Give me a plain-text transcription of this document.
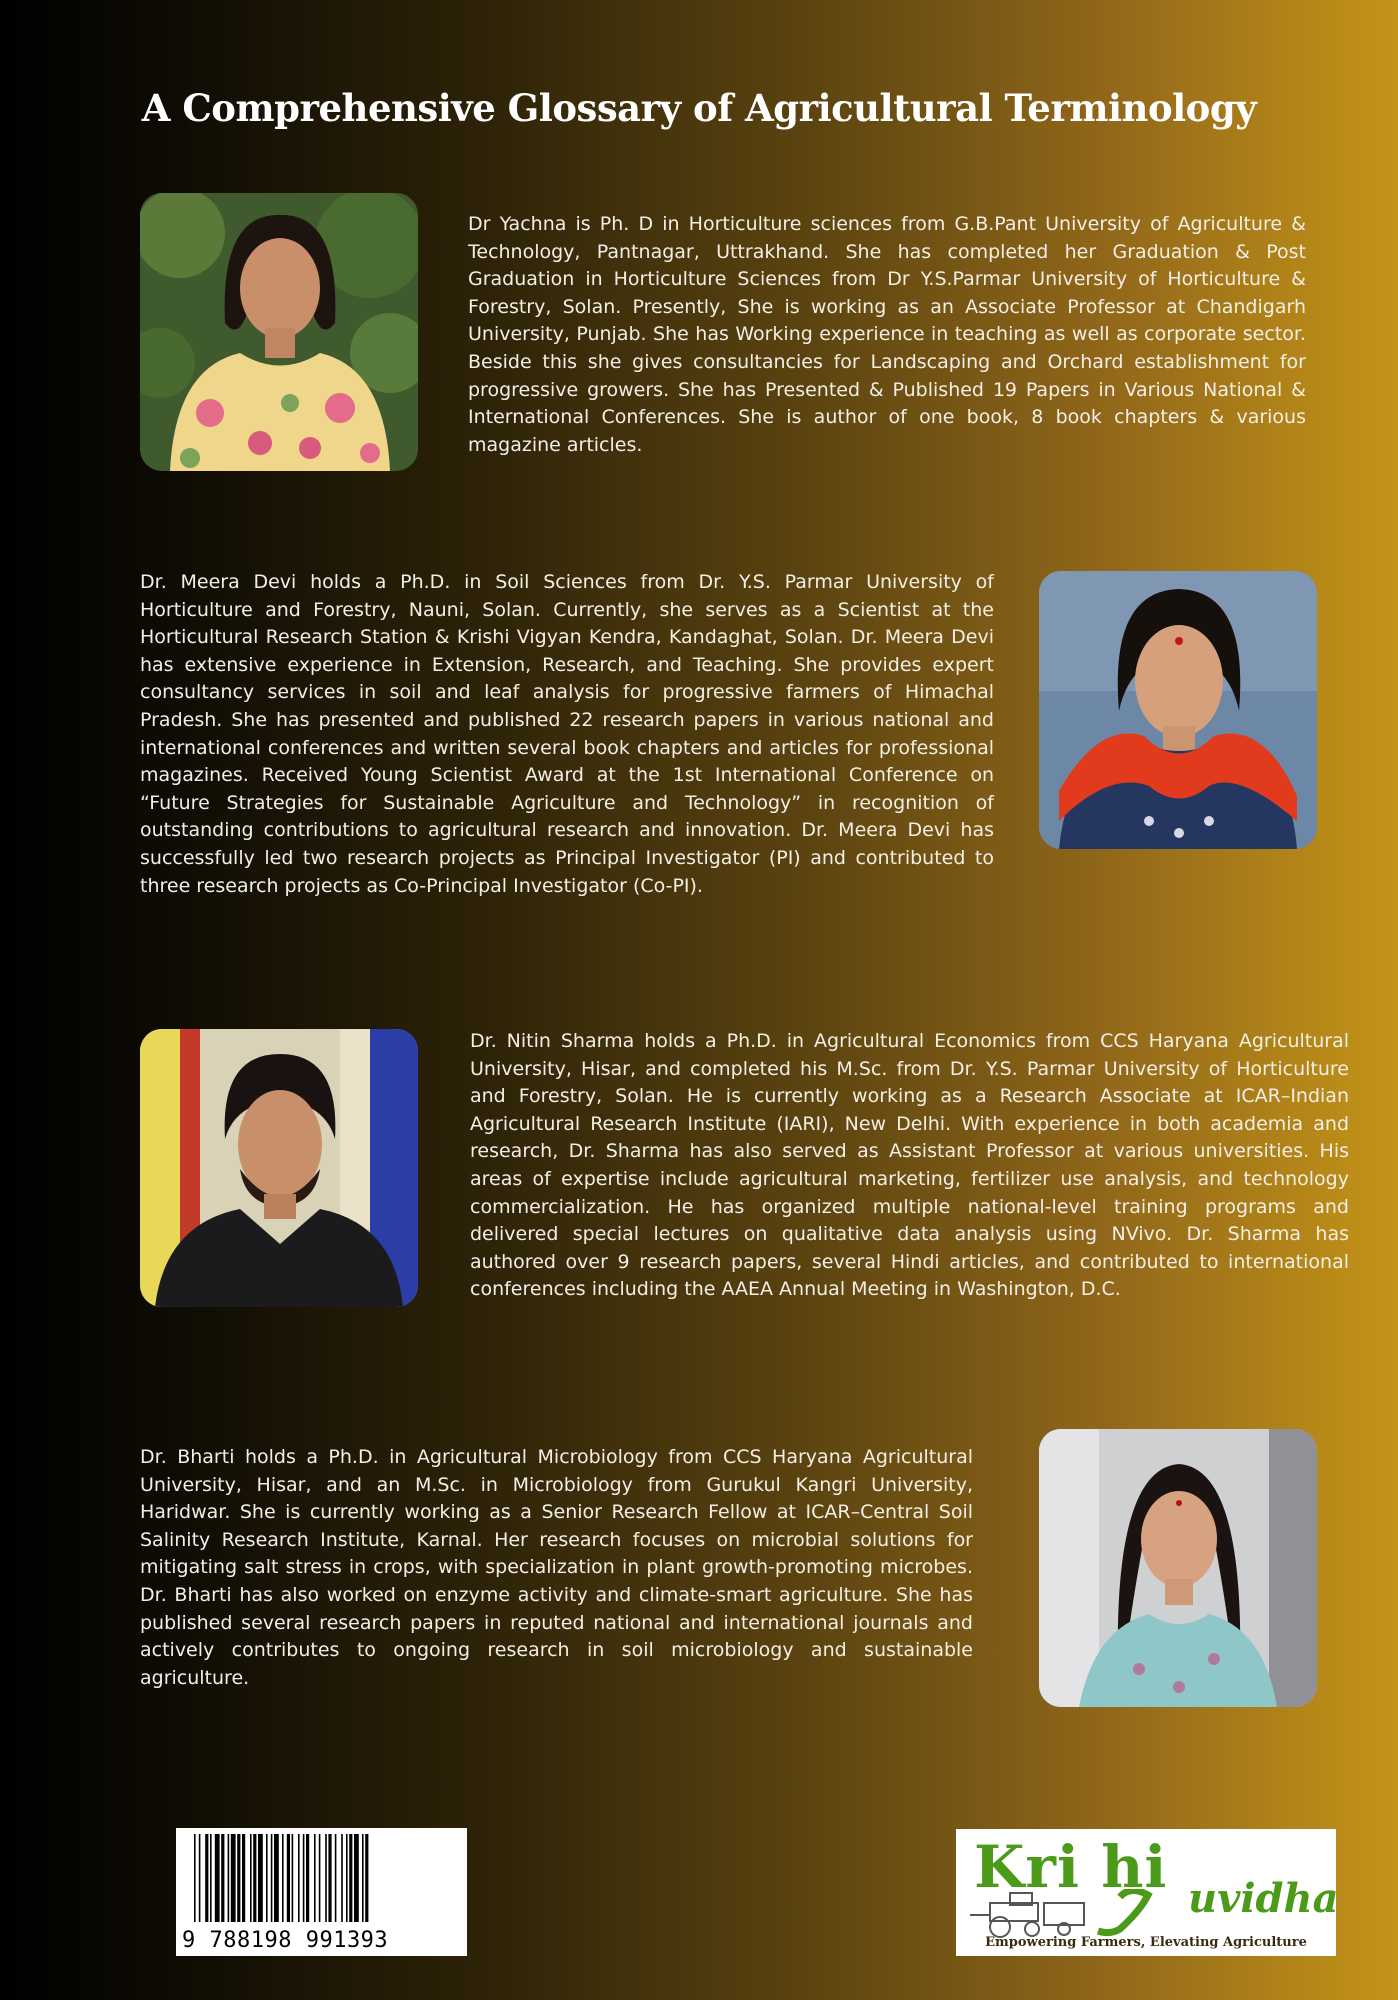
A Comprehensive Glossary of Agricultural Terminology

Dr Yachna is Ph. D in Horticulture sciences from G.B.Pant University of Agriculture & Technology, Pantnagar, Uttrakhand. She has completed her Graduation & Post Graduation in Horticulture Sciences from Dr Y.S.Parmar University of Horticulture & Forestry, Solan. Presently, She is working as an Associate Professor at Chandigarh University, Punjab. She has Working experience in teaching as well as corporate sector. Beside this she gives consultancies for Landscaping and Orchard establishment for progressive growers. She has Presented & Published 19 Papers in Various National & International Conferences. She is author of one book, 8 book chapters & various magazine articles.

Dr. Meera Devi holds a Ph.D. in Soil Sciences from Dr. Y.S. Parmar University of Horticulture and Forestry, Nauni, Solan. Currently, she serves as a Scientist at the Horticultural Research Station & Krishi Vigyan Kendra, Kandaghat, Solan. Dr. Meera Devi has extensive experience in Extension, Research, and Teaching. She provides expert consultancy services in soil and leaf analysis for progressive farmers of Himachal Pradesh. She has presented and published 22 research papers in various national and international conferences and written several book chapters and articles for professional magazines. Received Young Scientist Award at the 1st International Conference on “Future Strategies for Sustainable Agriculture and Technology” in recognition of outstanding contributions to agricultural research and innovation. Dr. Meera Devi has successfully led two research projects as Principal Investigator (PI) and contributed to three research projects as Co-Principal Investigator (Co-PI).

Dr. Nitin Sharma holds a Ph.D. in Agricultural Economics from CCS Haryana Agricultural University, Hisar, and completed his M.Sc. from Dr. Y.S. Parmar University of Horticulture and Forestry, Solan. He is currently working as a Research Associate at ICAR–Indian Agricultural Research Institute (IARI), New Delhi. With experience in both academia and research, Dr. Sharma has also served as Assistant Professor at various universities. His areas of expertise include agricultural marketing, fertilizer use analysis, and technology commercialization. He has organized multiple national-level training programs and delivered special lectures on qualitative data analysis using NVivo. Dr. Sharma has authored over 9 research papers, several Hindi articles, and contributed to international conferences including the AAEA Annual Meeting in Washington, D.C.

Dr. Bharti holds a Ph.D. in Agricultural Microbiology from CCS Haryana Agricultural University, Hisar, and an M.Sc. in Microbiology from Gurukul Kangri University, Haridwar. She is currently working as a Senior Research Fellow at ICAR–Central Soil Salinity Research Institute, Karnal. Her research focuses on microbial solutions for mitigating salt stress in crops, with specialization in plant growth-promoting microbes. Dr. Bharti has also worked on enzyme activity and climate-smart agriculture. She has published several research papers in reputed national and international journals and actively contributes to ongoing research in soil microbiology and sustainable agriculture.

9 788198 991393
Kri hi uvidha
Empowering Farmers, Elevating Agriculture
